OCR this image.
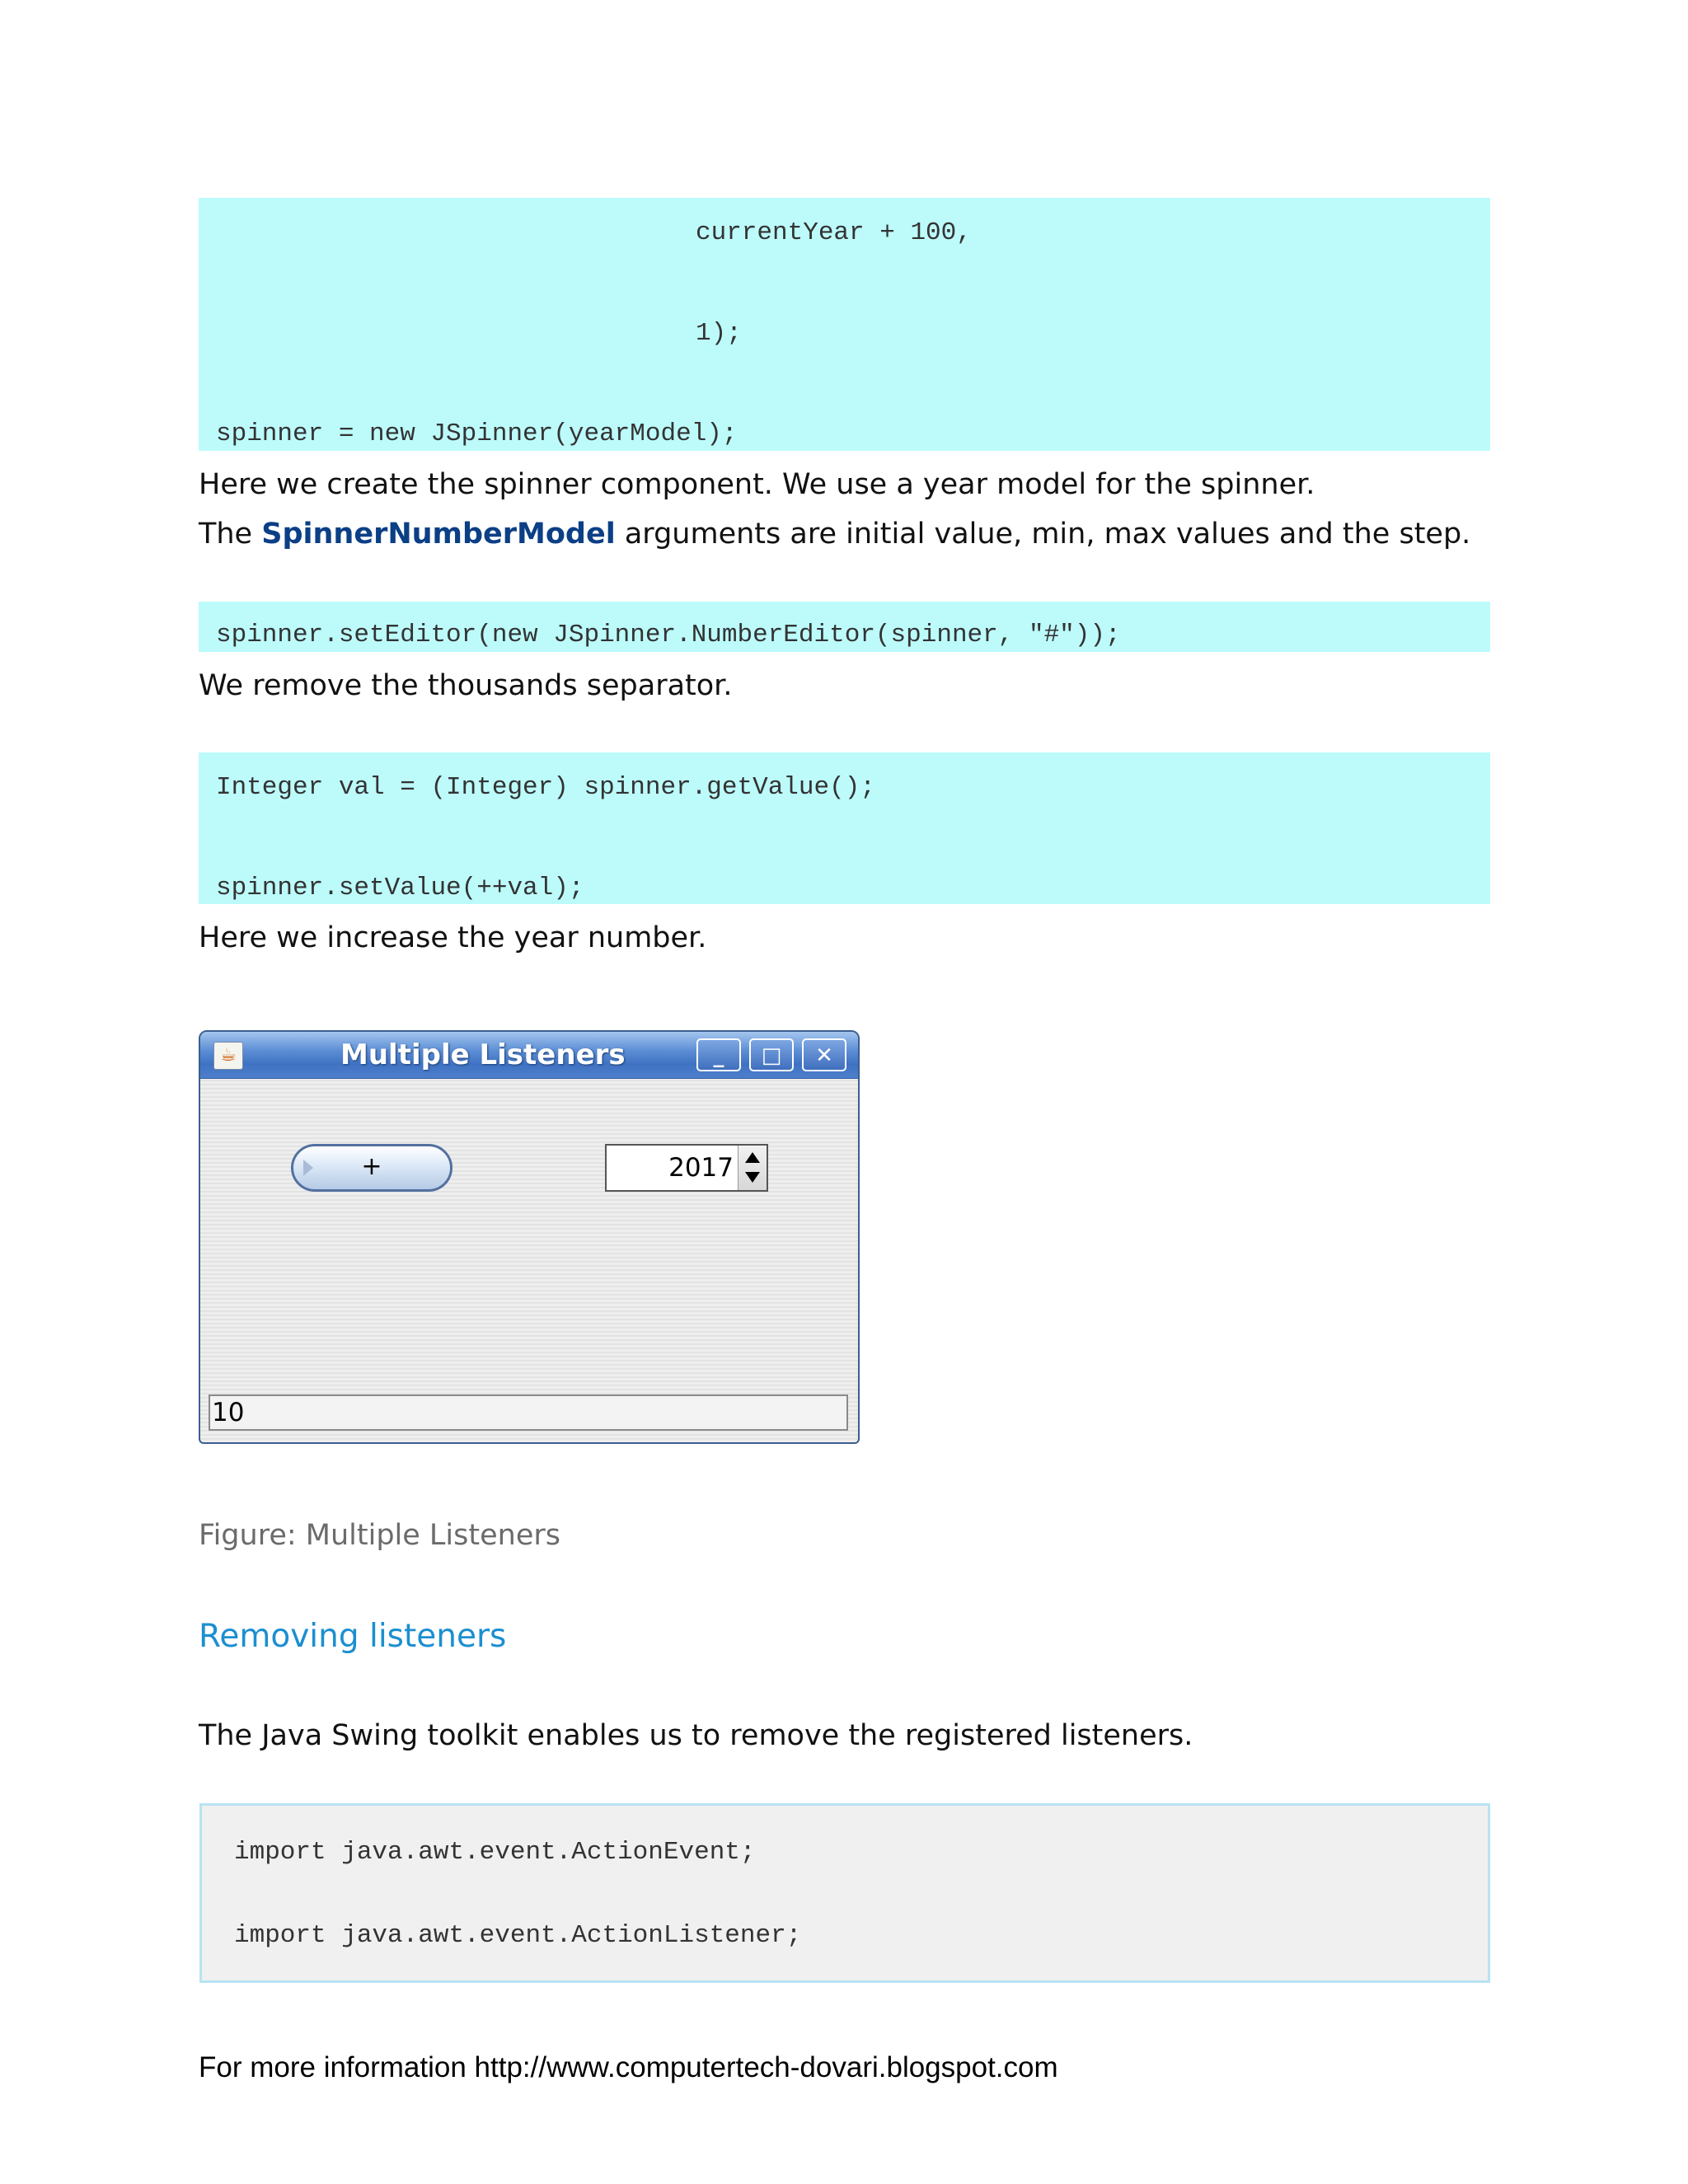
currentYear + 100,
1);
spinner = new JSpinner(yearModel);
Here we create the spinner component. We use a year model for the spinner.
The SpinnerNumberModel arguments are initial value, min, max values and the step.
spinner.setEditor(new JSpinner.NumberEditor(spinner, "#"));
We remove the thousands separator.
Integer val = (Integer) spinner.getValue();
spinner.setValue(++val);
Here we increase the year number.
☕	Multiple Listeners	_	□	✕
+	2017
10
Figure: Multiple Listeners
Removing listeners
The Java Swing toolkit enables us to remove the registered listeners.
import java.awt.event.ActionEvent;
import java.awt.event.ActionListener;
For more information http://www.computertech-dovari.blogspot.com
